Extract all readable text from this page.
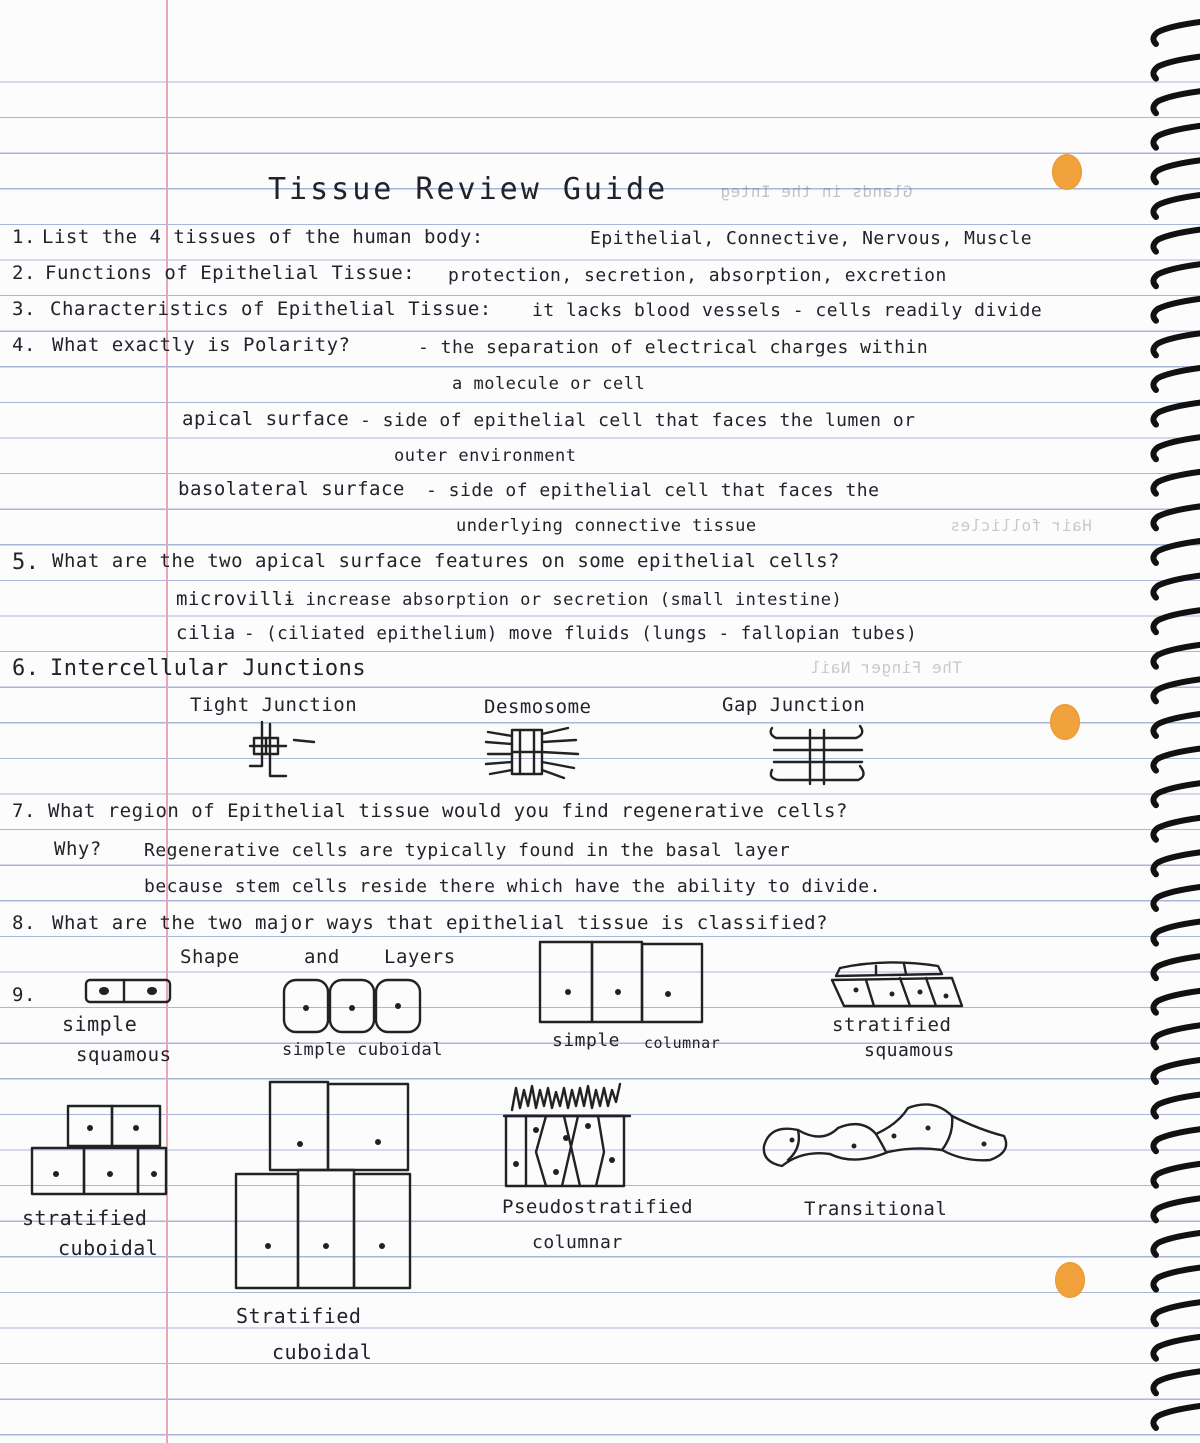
Glands in the Integ
Hair follicles
The Finger Nail
Tissue Review Guide
1. List the 4 tissues of the human body:	Epithelial, Connective, Nervous, Muscle
2. Functions of Epithelial Tissue: protection, secretion, absorption, excretion
3. Characteristics of Epithelial Tissue: it lacks blood vessels - cells readily divide
4. What exactly is Polarity?	- the separation of electrical charges within
a molecule or cell
apical surface - side of epithelial cell that faces the lumen or
outer environment
basolateral surface - side of epithelial cell that faces the
underlying connective tissue
5. What are the two apical surface features on some epithelial cells?
microvilli
- increase absorption or secretion (small intestine)
cilia - (ciliated epithelium) move fluids (lungs - fallopian tubes)
6. Intercellular Junctions
Tight Junction	Desmosome	Gap Junction
7. What region of Epithelial tissue would you find regenerative cells?
Why? Regenerative cells are typically found in the basal layer
because stem cells reside there which have the ability to divide.
8. What are the two major ways that epithelial tissue is classified?
Shape	and Layers
9.
simple
squamous	simple cuboidal	simple columnar
stratified
squamous
stratified
cuboidal
Stratified
cuboidal
Pseudostratified
columnar
Transitional
